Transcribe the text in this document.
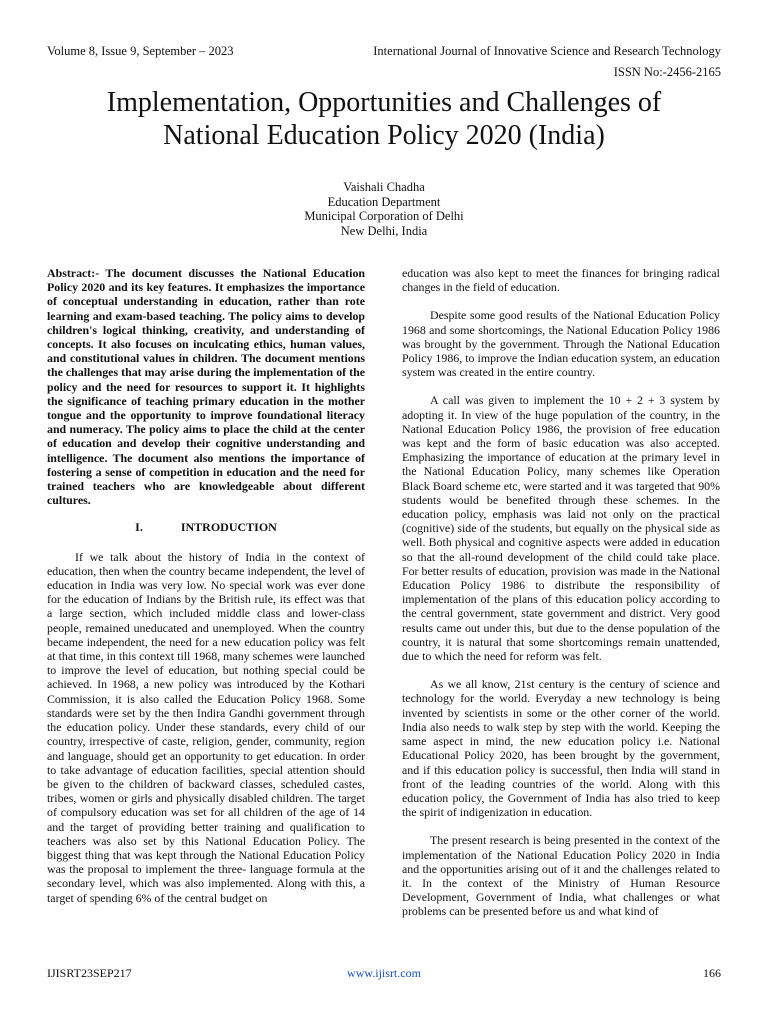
Volume 8, Issue 9, September – 2023	International Journal of Innovative Science and Research Technology
ISSN No:-2456-2165
Implementation, Opportunities and Challenges of
National Education Policy 2020 (India)
Vaishali Chadha
Education Department
Municipal Corporation of Delhi
New Delhi, India

Abstract:- The document discusses the National Education Policy 2020 and its key features. It emphasizes the importance of conceptual understanding in education, rather than rote learning and exam-based teaching. The policy aims to develop children's logical thinking, creativity, and understanding of concepts. It also focuses on inculcating ethics, human values, and constitutional values in children. The document mentions the challenges that may arise during the implementation of the policy and the need for resources to support it. It highlights the significance of teaching primary education in the mother tongue and the opportunity to improve foundational literacy and numeracy. The policy aims to place the child at the center of education and develop their cognitive understanding and intelligence. The document also mentions the importance of fostering a sense of competition in education and the need for trained teachers who are knowledgeable about different cultures.

I.	INTRODUCTION

If we talk about the history of India in the context of education, then when the country became independent, the level of education in India was very low. No special work was ever done for the education of Indians by the British rule, its effect was that a large section, which included middle class and lower-class people, remained uneducated and unemployed. When the country became independent, the need for a new education policy was felt at that time, in this context till 1968, many schemes were launched to improve the level of education, but nothing special could be achieved. In 1968, a new policy was introduced by the Kothari Commission, it is also called the Education Policy 1968. Some standards were set by the then Indira Gandhi government through the education policy. Under these standards, every child of our country, irrespective of caste, religion, gender, community, region and language, should get an opportunity to get education. In order to take advantage of education facilities, special attention should be given to the children of backward classes, scheduled castes, tribes, women or girls and physically disabled children. The target of compulsory education was set for all children of the age of 14 and the target of providing better training and qualification to teachers was also set by this National Education Policy. The biggest thing that was kept through the National Education Policy was the proposal to implement the three- language formula at the secondary level, which was also implemented. Along with this, a target of spending 6% of the central budget on

education was also kept to meet the finances for bringing radical changes in the field of education.

Despite some good results of the National Education Policy 1968 and some shortcomings, the National Education Policy 1986 was brought by the government. Through the National Education Policy 1986, to improve the Indian education system, an education system was created in the entire country.

A call was given to implement the 10 + 2 + 3 system by adopting it. In view of the huge population of the country, in the National Education Policy 1986, the provision of free education was kept and the form of basic education was also accepted. Emphasizing the importance of education at the primary level in the National Education Policy, many schemes like Operation Black Board scheme etc, were started and it was targeted that 90% students would be benefited through these schemes. In the education policy, emphasis was laid not only on the practical (cognitive) side of the students, but equally on the physical side as well. Both physical and cognitive aspects were added in education so that the all-round development of the child could take place. For better results of education, provision was made in the National Education Policy 1986 to distribute the responsibility of implementation of the plans of this education policy according to the central government, state government and district. Very good results came out under this, but due to the dense population of the country, it is natural that some shortcomings remain unattended, due to which the need for reform was felt.

As we all know, 21st century is the century of science and technology for the world. Everyday a new technology is being invented by scientists in some or the other corner of the world. India also needs to walk step by step with the world. Keeping the same aspect in mind, the new education policy i.e. National Educational Policy 2020, has been brought by the government, and if this education policy is successful, then India will stand in front of the leading countries of the world. Along with this education policy, the Government of India has also tried to keep the spirit of indigenization in education.

The present research is being presented in the context of the implementation of the National Education Policy 2020 in India and the opportunities arising out of it and the challenges related to it. In the context of the Ministry of Human Resource Development, Government of India, what challenges or what problems can be presented before us and what kind of

IJISRT23SEP217	www.ijisrt.com	166
